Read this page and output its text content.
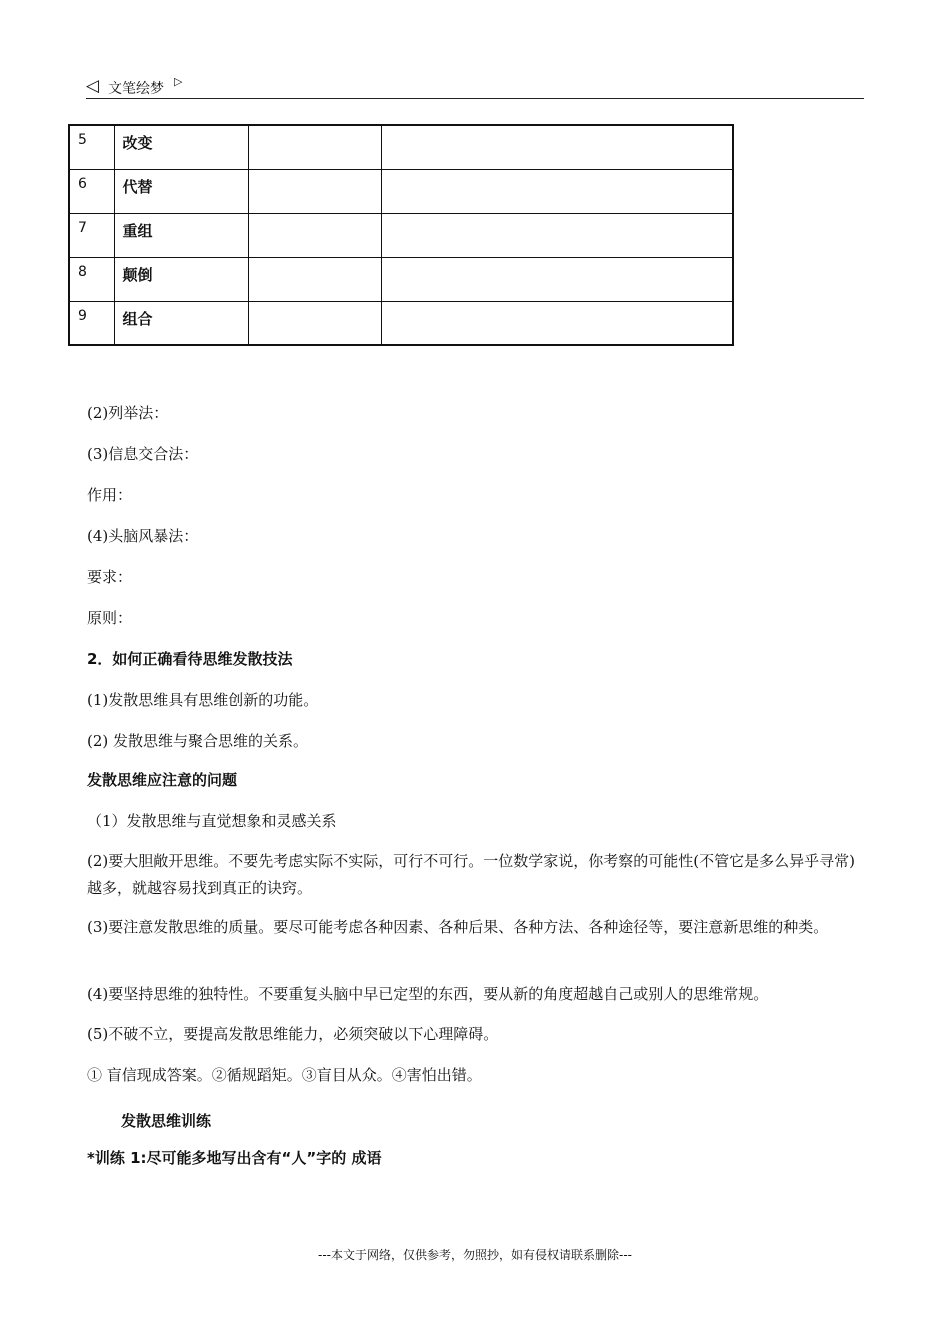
◁ 文笔绘梦 ▷
5	改变		
6	代替		
7	重组		
8	颠倒		
9	组合		
(2)列举法：
(3)信息交合法：
作用：
(4)头脑风暴法：
要求：
原则：
2．如何正确看待思维发散技法
(1)发散思维具有思维创新的功能。
(2) 发散思维与聚合思维的关系。
发散思维应注意的问题
（1）发散思维与直觉想象和灵感关系
(2)要大胆敞开思维。不要先考虑实际不实际，可行不可行。一位数学家说，你考察的可能性(不管它是多么异乎寻常)越多，就越容易找到真正的诀窍。
(3)要注意发散思维的质量。要尽可能考虑各种因素、各种后果、各种方法、各种途径等，要注意新思维的种类。
(4)要坚持思维的独特性。不要重复头脑中早已定型的东西，要从新的角度超越自己或别人的思维常规。
(5)不破不立，要提高发散思维能力，必须突破以下心理障碍。
① 盲信现成答案。②循规蹈矩。③盲目从众。④害怕出错。
发散思维训练
*训练 1:尽可能多地写出含有“人”字的 成语
---本文于网络，仅供参考，勿照抄，如有侵权请联系删除---
